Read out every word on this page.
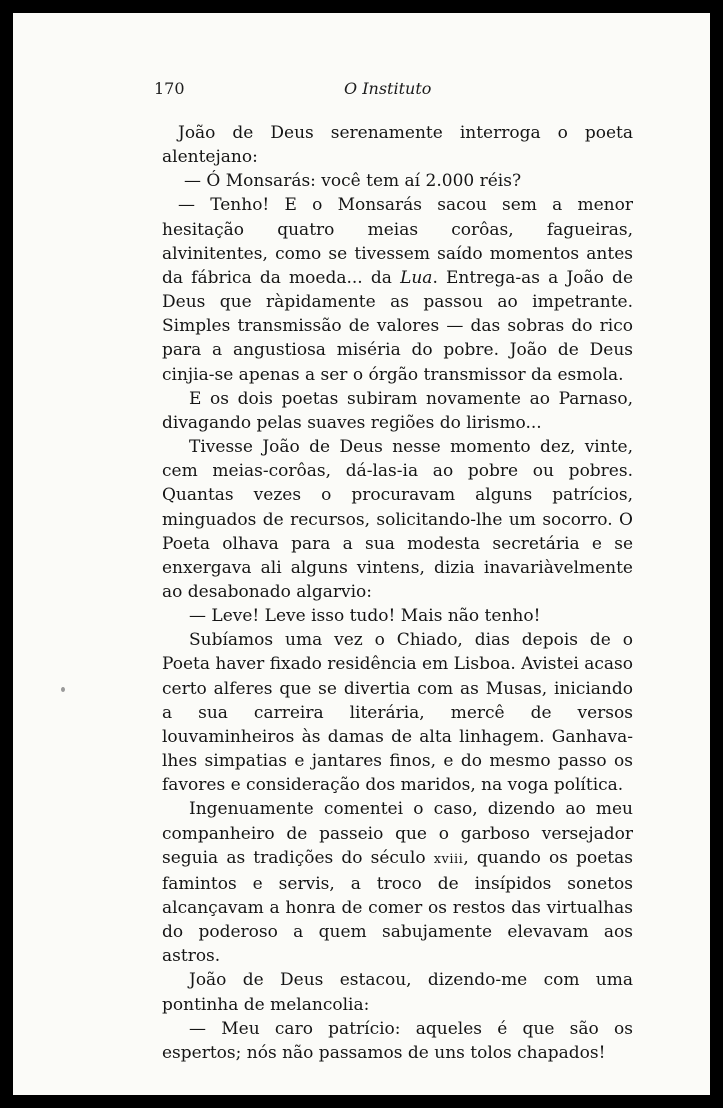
170	O Instituto

João de Deus serenamente interroga o poeta alentejano:

— Ó Monsarás: você tem aí 2.000 réis?

— Tenho! E o Monsarás sacou sem a menor hesitação quatro meias corôas, fagueiras, alvinitentes, como se tivessem saído momentos antes da fábrica da moeda... da Lua. Entrega-as a João de Deus que ràpidamente as passou ao impetrante. Simples transmissão de valores — das sobras do rico para a angustiosa miséria do pobre. João de Deus cinjia-se apenas a ser o órgão transmissor da esmola.

E os dois poetas subiram novamente ao Parnaso, divagando pelas suaves regiões do lirismo...

Tivesse João de Deus nesse momento dez, vinte, cem meias-corôas, dá-las-ia ao pobre ou pobres. Quantas vezes o procuravam alguns patrícios, minguados de recursos, solicitando-lhe um socorro. O Poeta olhava para a sua modesta secretária e se enxergava ali alguns vintens, dizia inavariàvelmente ao desabonado algarvio:

— Leve! Leve isso tudo! Mais não tenho!

Subíamos uma vez o Chiado, dias depois de o Poeta haver fixado residência em Lisboa. Avistei acaso certo alferes que se divertia com as Musas, iniciando a sua carreira literária, mercê de versos louvaminheiros às damas de alta linhagem. Ganhava-lhes simpatias e jantares finos, e do mesmo passo os favores e consideração dos maridos, na voga política.

Ingenuamente comentei o caso, dizendo ao meu companheiro de passeio que o garboso versejador seguia as tradições do século xviii, quando os poetas famintos e servis, a troco de insípidos sonetos alcançavam a honra de comer os restos das virtualhas do poderoso a quem sabujamente elevavam aos astros.

João de Deus estacou, dizendo-me com uma pontinha de melancolia:

— Meu caro patrício: aqueles é que são os espertos; nós não passamos de uns tolos chapados!
